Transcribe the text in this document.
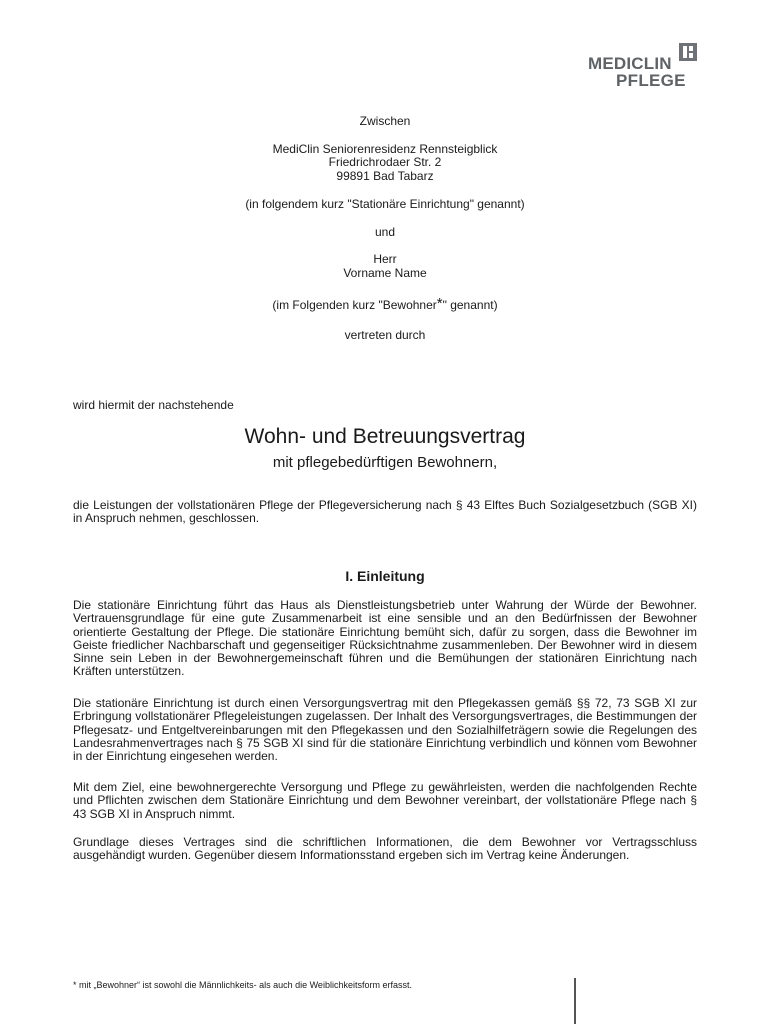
MEDICLIN
PFLEGE
Zwischen
MediClin Seniorenresidenz Rennsteigblick
Friedrichrodaer Str. 2
99891 Bad Tabarz
(in folgendem kurz "Stationäre Einrichtung" genannt)
und
Herr
Vorname Name
(im Folgenden kurz "Bewohner*" genannt)
vertreten durch
wird hiermit der nachstehende
Wohn- und Betreuungsvertrag
mit pflegebedürftigen Bewohnern,

die Leistungen der vollstationären Pflege der Pflegeversicherung nach § 43 Elftes Buch Sozialgesetzbuch (SGB XI) in Anspruch nehmen, geschlossen.

I. Einleitung

Die stationäre Einrichtung führt das Haus als Dienstleistungsbetrieb unter Wahrung der Würde der Bewohner. Vertrauensgrundlage für eine gute Zusammenarbeit ist eine sensible und an den Bedürfnissen der Bewohner orientierte Gestaltung der Pflege. Die stationäre Einrichtung bemüht sich, dafür zu sorgen, dass die Bewohner im Geiste friedlicher Nachbarschaft und gegenseitiger Rücksichtnahme zusammenleben. Der Bewohner wird in diesem Sinne sein Leben in der Bewohnergemeinschaft führen und die Bemühungen der stationären Einrichtung nach Kräften unterstützen.

Die stationäre Einrichtung ist durch einen Versorgungsvertrag mit den Pflegekassen gemäß §§ 72, 73 SGB XI zur Erbringung vollstationärer Pflegeleistungen zugelassen. Der Inhalt des Versorgungsvertrages, die Bestimmungen der Pflegesatz- und Entgeltvereinbarungen mit den Pflegekassen und den Sozialhilfeträgern sowie die Regelungen des Landesrahmenvertrages nach § 75 SGB XI sind für die stationäre Einrichtung verbindlich und können vom Bewohner in der Einrichtung eingesehen werden.

Mit dem Ziel, eine bewohnergerechte Versorgung und Pflege zu gewährleisten, werden die nachfolgenden Rechte und Pflichten zwischen dem Stationäre Einrichtung und dem Bewohner vereinbart, der vollstationäre Pflege nach § 43 SGB XI in Anspruch nimmt.

Grundlage dieses Vertrages sind die schriftlichen Informationen, die dem Bewohner vor Vertragsschluss ausgehändigt wurden. Gegenüber diesem Informationsstand ergeben sich im Vertrag keine Änderungen.

* mit „Bewohner“ ist sowohl die Männlichkeits- als auch die Weiblichkeitsform erfasst.
